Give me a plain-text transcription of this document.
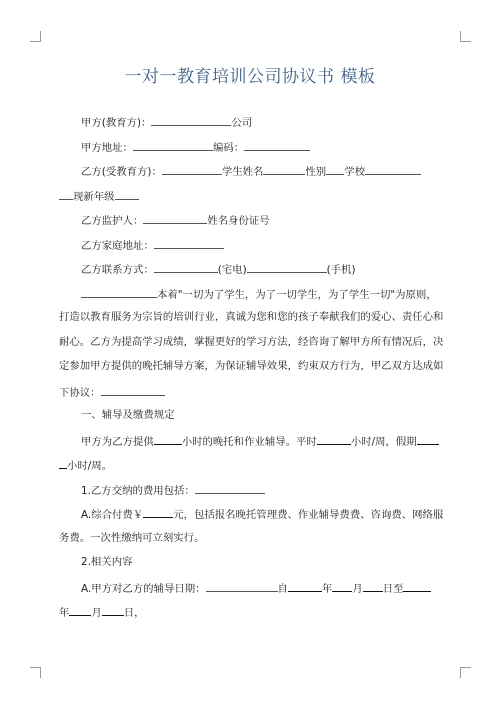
一对一教育培训公司协议书 模板
甲方(教育方)：	公司
甲方地址：	编码：
乙方(受教育方)：	学生姓名	性别 学校
现新年级
乙方监护人：	姓名身份证号
乙方家庭地址：
乙方联系方式：	(宅电)	(手机)
本着"一切为了学生，为了一切学生，为了学生一切"为原则，
打造以教育服务为宗旨的培训行业，真诚为您和您的孩子奉献我们的爱心、责任心和
耐心。乙方为提高学习成绩，掌握更好的学习方法，经咨询了解甲方所有情况后，决
定参加甲方提供的晚托辅导方案，为保证辅导效果，约束双方行为，甲乙双方达成如
下协议：
一、辅导及缴费规定
甲方为乙方提供	小时的晚托和作业辅导。平时	小时/周，假期
小时/周。
1.乙方交纳的费用包括：
A.综合付费￥	元，包括报名晚托管理费、作业辅导费费、咨询费、网络服
务费。一次性缴纳可立刻实行。
2.相关内容
A.甲方对乙方的辅导日期：	自	年 月 日至
年 月 日，
